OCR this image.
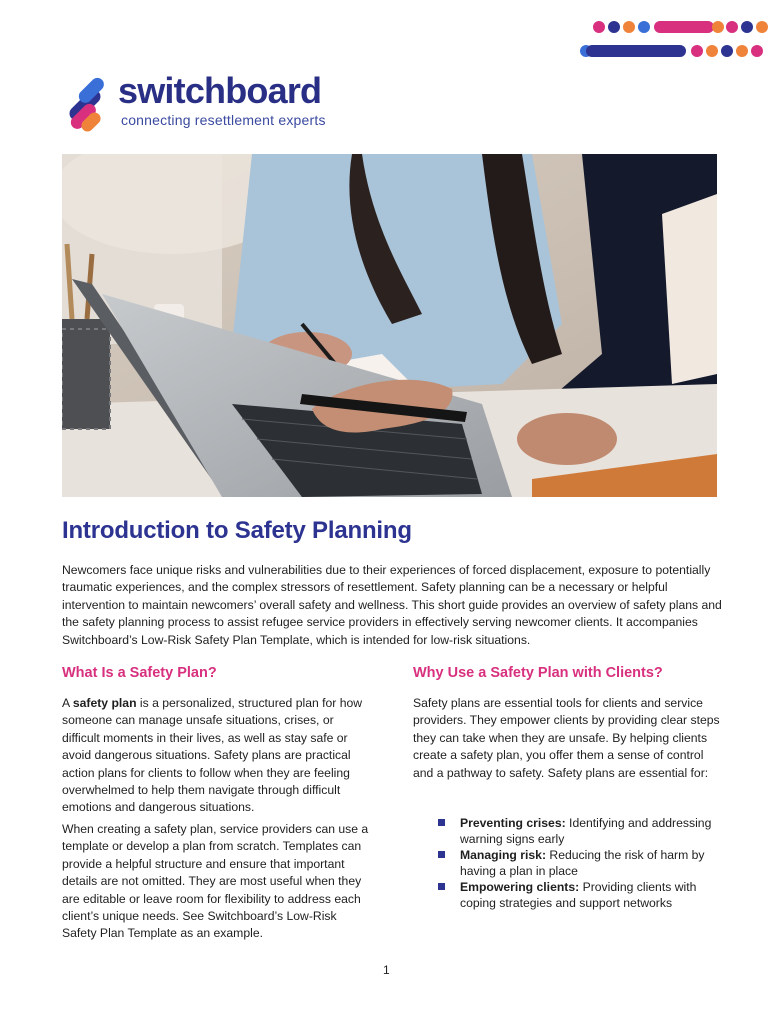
switchboard
connecting resettlement experts
Introduction to Safety Planning

Newcomers face unique risks and vulnerabilities due to their experiences of forced displacement, exposure to potentially traumatic experiences, and the complex stressors of resettlement. Safety planning can be a necessary or helpful intervention to maintain newcomers’ overall safety and wellness. This short guide provides an overview of safety plans and the safety planning process to assist refugee service providers in effectively serving newcomer clients. It accompanies Switchboard’s Low-Risk Safety Plan Template, which is intended for low-risk situations.

What Is a Safety Plan?	Why Use a Safety Plan with Clients?

A safety plan is a personalized, structured plan for how someone can manage unsafe situations, crises, or difficult moments in their lives, as well as stay safe or avoid dangerous situations. Safety plans are practical action plans for clients to follow when they are feeling overwhelmed to help them navigate through difficult emotions and dangerous situations.

When creating a safety plan, service providers can use a template or develop a plan from scratch. Templates can provide a helpful structure and ensure that important details are not omitted. They are most useful when they are editable or leave room for flexibility to address each client’s unique needs. See Switchboard’s Low-Risk Safety Plan Template as an example.

Safety plans are essential tools for clients and service providers. They empower clients by providing clear steps they can take when they are unsafe. By helping clients create a safety plan, you offer them a sense of control and a pathway to safety. Safety plans are essential for:

Preventing crises: Identifying and addressing warning signs early
Managing risk: Reducing the risk of harm by having a plan in place
Empowering clients: Providing clients with coping strategies and support networks
1
